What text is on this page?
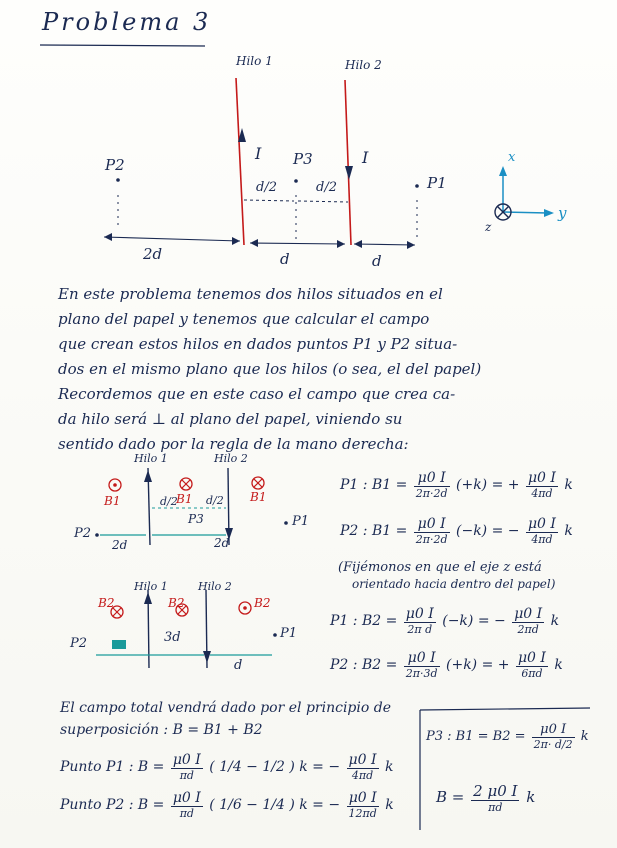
Problema 3
Hilo 1	Hilo 2
I	I
P2	P3
P1
d/2	d/2
2d	d	d
x
y
z
En este problema tenemos dos hilos situados en el
plano del papel y tenemos que calcular el campo
que crean estos hilos en dados puntos P1 y P2 situa-
dos en el mismo plano que los hilos (o sea, el del papel)
Recordemos que en este caso el campo que crea ca-
da hilo será ⊥ al plano del papel, viniendo su
sentido dado por la regla de la mano derecha:
Hilo 1	Hilo 2
B1	B1	B1
P2
P3	P1
d/2	d/2
2d	2d
Hilo 1	Hilo 2
B2	B2	B2
P2
P1
3d
d
P1 : $B1 = \frac{\mu 0 I}{2\pi\cdot 2d} (+k)$ = + $\frac{\mu 0 I}{4\pi d}$ k
P2 : $B1 = \frac{\mu 0 I}{2\pi\cdot 2d} (-k)$ = − $\frac{\mu 0 I}{4\pi d}$ k
(Fijémonos en que el eje z está
orientado hacia dentro del papel)
P1 : $B2 = \frac{\mu 0 I}{\text{2π d}} (-k)$ = − $\frac{\mu 0 I}{2\pi d}$ k
P2 : $B2 = \frac{\mu 0 I}{2\pi\cdot 3d} (+k)$ = + $\frac{\mu 0 I}{6\pi d}$ k
El campo total vendrá dado por el principio de
superposición : B = B1 + B2
Punto P1 : $B = \frac{\mu 0 I}{\pi d}$ ( 1/4 − 1/2 ) k = − $\frac{\mu 0 I}{4\pi d}$ k
Punto P2 : $B = \frac{\mu 0 I}{\pi d}$ ( 1/6 − 1/4 ) k = − $\frac{\mu 0 I}{12\pi d}$ k
P3 : $B1 = B2 = \frac{\mu 0 I}{2\pi\cdot d/2}$ k
$B = \frac{2 \mu 0 I}{\pi d}$ k
